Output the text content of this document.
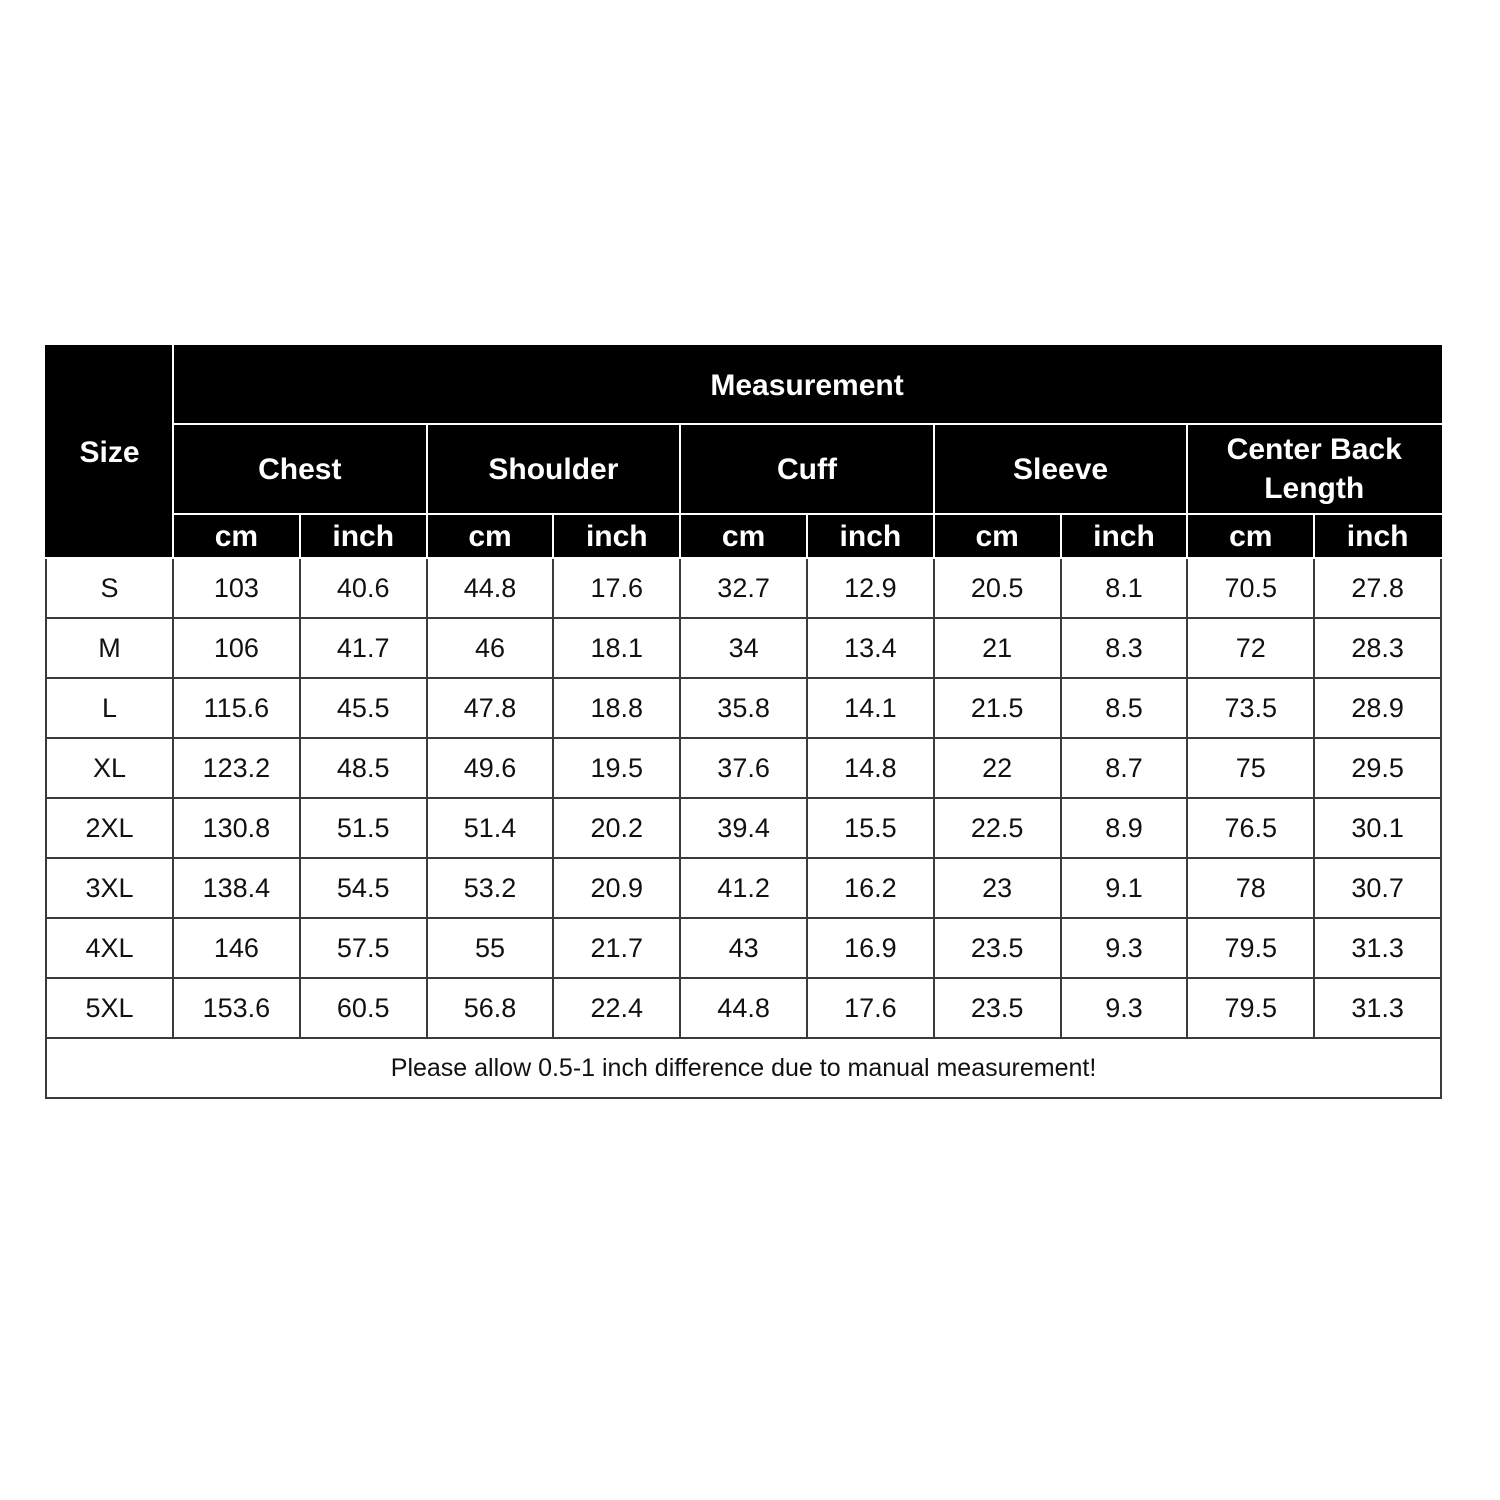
Size	Measurement									
	Chest		Shoulder		Cuff		Sleeve		Center Back Length	
	cm	inch	cm	inch	cm	inch	cm	inch	cm	inch
S	103	40.6	44.8	17.6	32.7	12.9	20.5	8.1	70.5	27.8
M	106	41.7	46	18.1	34	13.4	21	8.3	72	28.3
L	115.6	45.5	47.8	18.8	35.8	14.1	21.5	8.5	73.5	28.9
XL	123.2	48.5	49.6	19.5	37.6	14.8	22	8.7	75	29.5
2XL	130.8	51.5	51.4	20.2	39.4	15.5	22.5	8.9	76.5	30.1
3XL	138.4	54.5	53.2	20.9	41.2	16.2	23	9.1	78	30.7
4XL	146	57.5	55	21.7	43	16.9	23.5	9.3	79.5	31.3
5XL	153.6	60.5	56.8	22.4	44.8	17.6	23.5	9.3	79.5	31.3
Please allow 0.5-1 inch difference due to manual measurement!										
